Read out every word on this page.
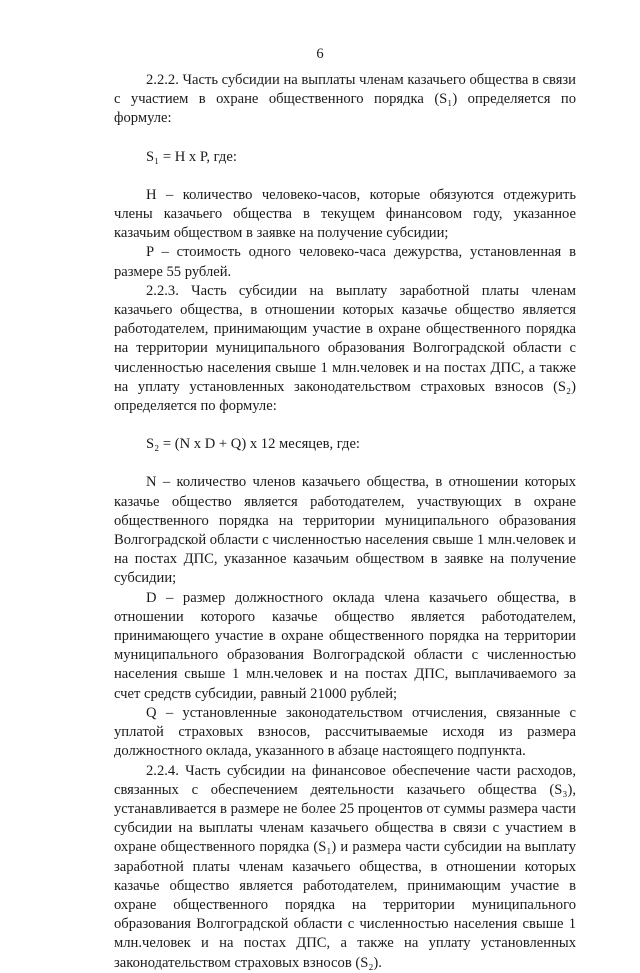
6

2.2.2. Часть субсидии на выплаты членам казачьего общества в связи с участием в охране общественного порядка (S₁) определяется по формуле:

S₁ = H x P, где:

H – количество человеко-часов, которые обязуются отдежурить члены казачьего общества в текущем финансовом году, указанное казачьим обществом в заявке на получение субсидии;

P – стоимость одного человеко-часа дежурства, установленная в размере 55 рублей.

2.2.3. Часть субсидии на выплату заработной платы членам казачьего общества, в отношении которых казачье общество является работодателем, принимающим участие в охране общественного порядка на территории муниципального образования Волгоградской области с численностью населения свыше 1 млн.человек и на постах ДПС, а также на уплату установленных законодательством страховых взносов (S₂) определяется по формуле:

S₂ = (N x D + Q) x 12 месяцев, где:

N – количество членов казачьего общества, в отношении которых казачье общество является работодателем, участвующих в охране общественного порядка на территории муниципального образования Волгоградской области с численностью населения свыше 1 млн.человек и на постах ДПС, указанное казачьим обществом в заявке на получение субсидии;

D – размер должностного оклада члена казачьего общества, в отношении которого казачье общество является работодателем, принимающего участие в охране общественного порядка на территории муниципального образования Волгоградской области с численностью населения свыше 1 млн.человек и на постах ДПС, выплачиваемого за счет средств субсидии, равный 21000 рублей;

Q – установленные законодательством отчисления, связанные с уплатой страховых взносов, рассчитываемые исходя из размера должностного оклада, указанного в абзаце настоящего подпункта.

2.2.4. Часть субсидии на финансовое обеспечение части расходов, связанных с обеспечением деятельности казачьего общества (S₃), устанавливается в размере не более 25 процентов от суммы размера части субсидии на выплаты членам казачьего общества в связи с участием в охране общественного порядка (S₁) и размера части субсидии на выплату заработной платы членам казачьего общества, в отношении которых казачье общество является работодателем, принимающим участие в охране общественного порядка на территории муниципального образования Волгоградской области с численностью населения свыше 1 млн.человек и на постах ДПС, а также на уплату установленных законодательством страховых взносов (S₂).
